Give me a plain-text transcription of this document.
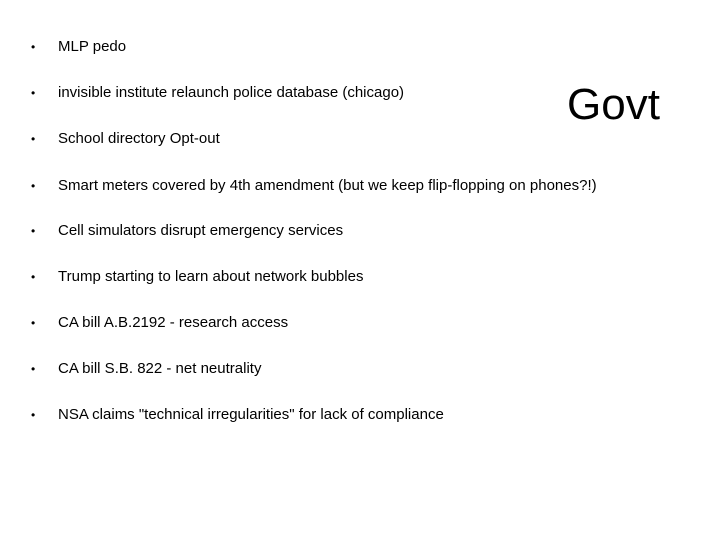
Govt
• MLP pedo
• invisible institute relaunch police database (chicago)
• School directory Opt-out
• Smart meters covered by 4th amendment (but we keep flip-flopping on phones?!)
• Cell simulators disrupt emergency services
• Trump starting to learn about network bubbles
• CA bill A.B.2192 - research access
• CA bill S.B. 822 - net neutrality
• NSA claims "technical irregularities" for lack of compliance
